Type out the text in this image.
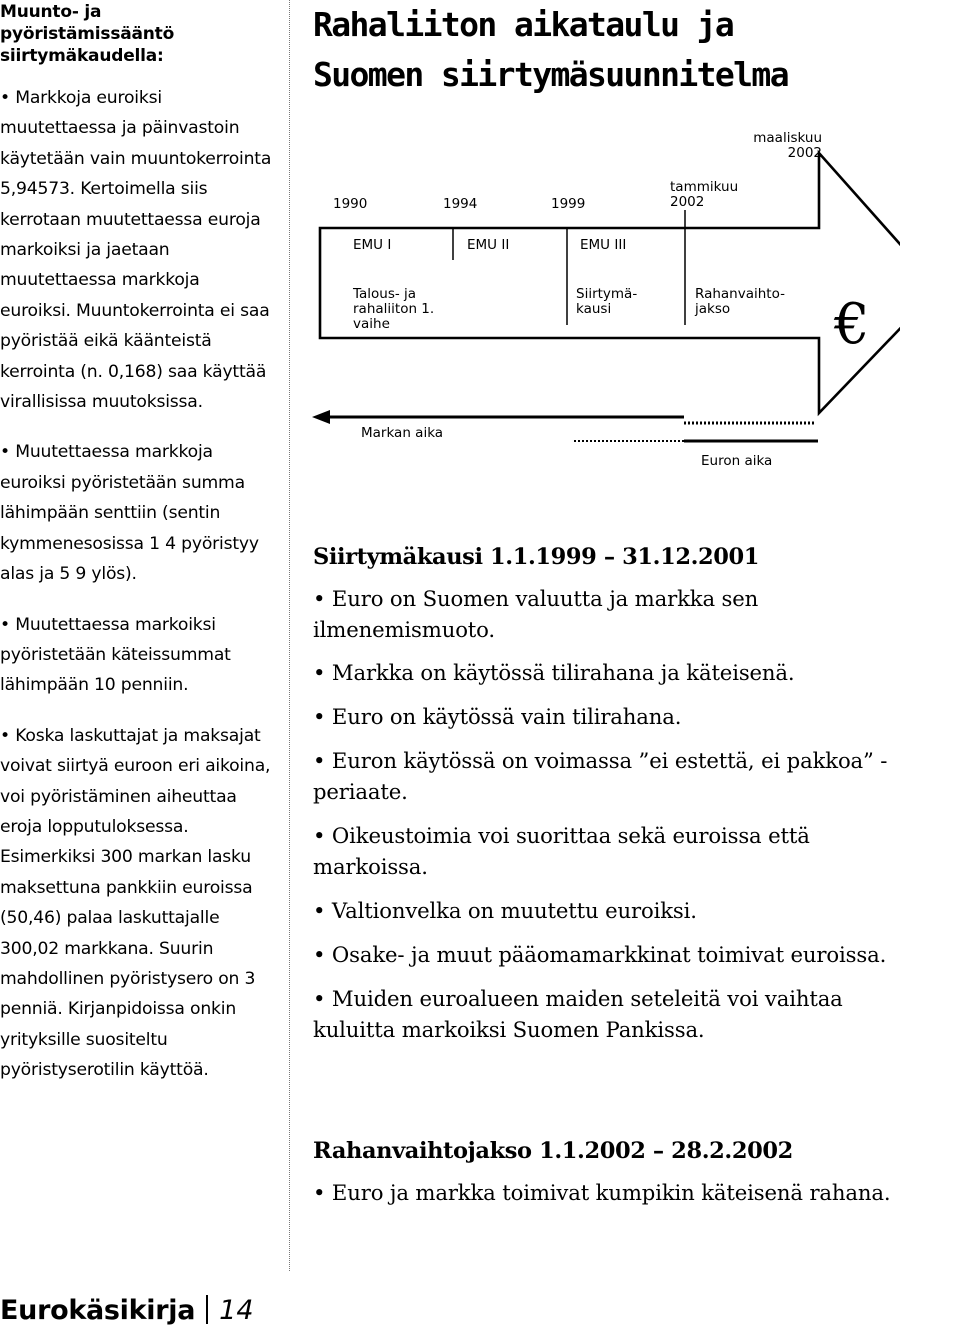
Muunto- ja pyöristämissääntö siirtymäkaudella:
• Markkoja euroiksi muutettaessa ja päinvastoin käytetään vain muuntokerrointa 5,94573. Kertoimella siis kerrotaan muutettaessa euroja markoiksi ja jaetaan muutettaessa markkoja euroiksi. Muuntokerrointa ei saa pyöristää eikä käänteistä kerrointa (n. 0,168) saa käyttää virallisissa muutoksissa.
• Muutettaessa markkoja euroiksi pyöristetään summa lähimpään senttiin (sentin kymmenesosissa 1 4 pyöristyy alas ja 5 9 ylös).
• Muutettaessa markoiksi pyöristetään käteissummat lähimpään 10 penniin.
• Koska laskuttajat ja maksajat voivat siirtyä euroon eri aikoina, voi pyöristäminen aiheuttaa eroja lopputuloksessa. Esimerkiksi 300 markan lasku maksettuna pankkiin euroissa (50,46) palaa laskuttajalle 300,02 markkana. Suurin mahdollinen pyöristysero on 3 penniä. Kirjanpidoissa onkin yrityksille suositeltu pyöristyserotilin käyttöä.
Rahaliiton aikataulu ja
Suomen siirtymäsuunnitelma
1990	1994	1999
tammikuu
2002
maaliskuu
2002
EMU I	EMU II	EMU III
Talous- ja rahaliiton 1. vaihe
Siirtymä- kausi
Rahanvaihto- jakso	€
Markan aika
Euron aika
Siirtymäkausi 1.1.1999 – 31.12.2001

• Euro on Suomen valuutta ja markka sen ilmenemismuoto.

• Markka on käytössä tilirahana ja käteisenä.

• Euro on käytössä vain tilirahana.

• Euron käytössä on voimassa ”ei estettä, ei pakkoa” -periaate.

• Oikeustoimia voi suorittaa sekä euroissa että markoissa.

• Valtionvelka on muutettu euroiksi.

• Osake- ja muut pääomamarkkinat toimivat euroissa.

• Muiden euroalueen maiden seteleitä voi vaihtaa kuluitta markoiksi Suomen Pankissa.

Rahanvaihtojakso 1.1.2002 – 28.2.2002

• Euro ja markka toimivat kumpikin käteisenä rahana.

Eurokäsikirja 14
